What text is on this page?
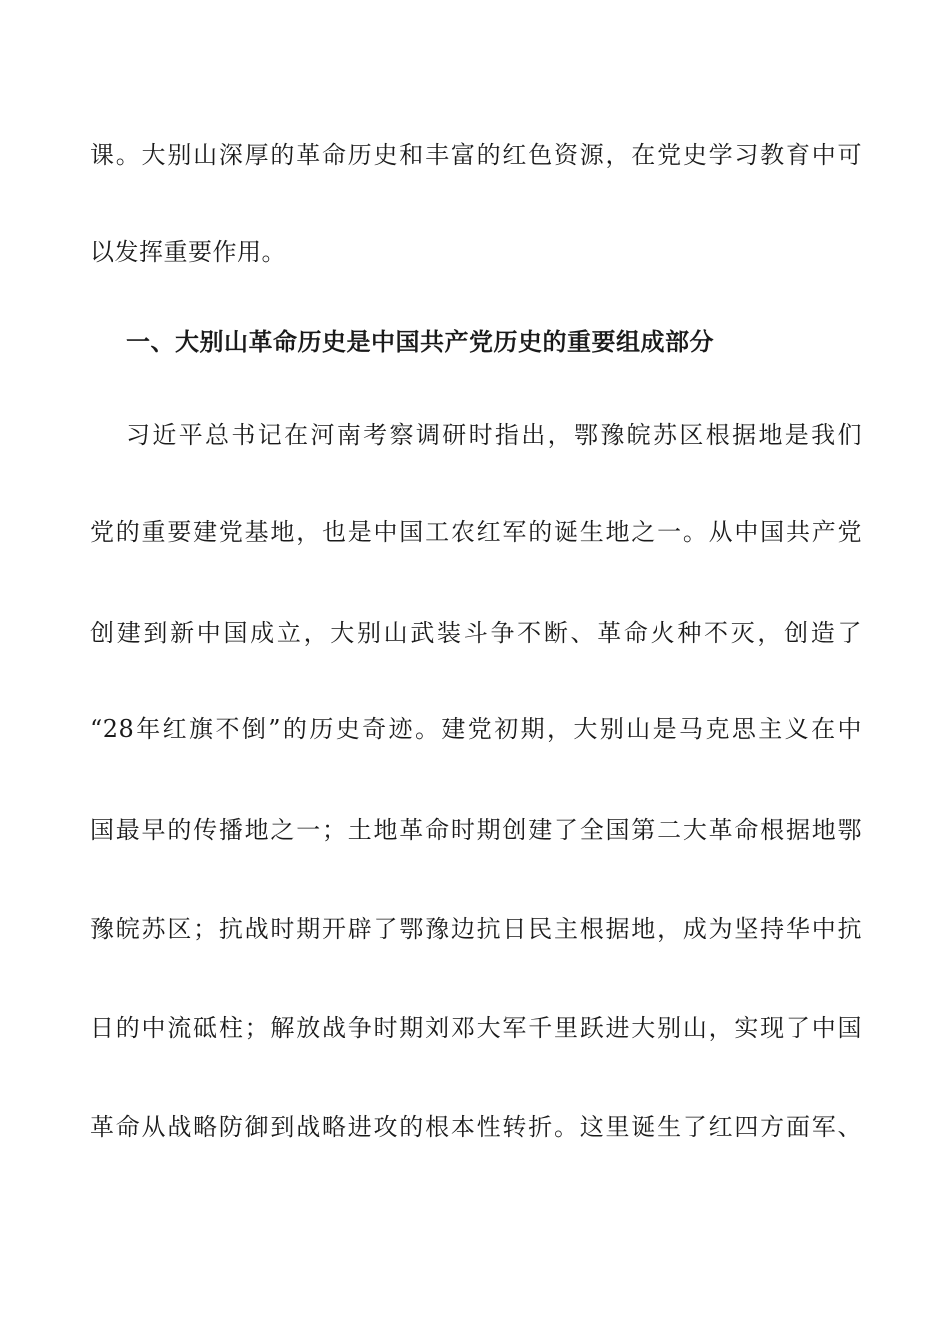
课。大别山深厚的革命历史和丰富的红色资源，在党史学习教育中可
以发挥重要作用。
一、大别山革命历史是中国共产党历史的重要组成部分
习近平总书记在河南考察调研时指出，鄂豫皖苏区根据地是我们
党的重要建党基地，也是中国工农红军的诞生地之一。从中国共产党
创建到新中国成立，大别山武装斗争不断、革命火种不灭，创造了
“28年红旗不倒”的历史奇迹。建党初期，大别山是马克思主义在中
国最早的传播地之一；土地革命时期创建了全国第二大革命根据地鄂
豫皖苏区；抗战时期开辟了鄂豫边抗日民主根据地，成为坚持华中抗
日的中流砥柱；解放战争时期刘邓大军千里跃进大别山，实现了中国
革命从战略防御到战略进攻的根本性转折。这里诞生了红四方面军、
